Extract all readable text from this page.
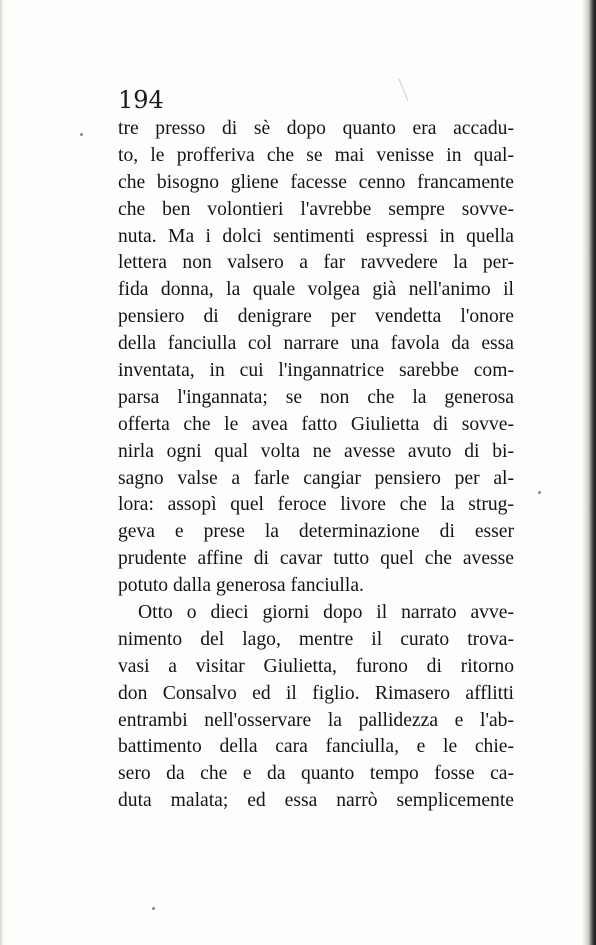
194

tre presso di sè dopo quanto era accadu-
to, le profferiva che se mai venisse in qual-
che bisogno gliene facesse cenno francamente
che ben volontieri l'avrebbe sempre sovve-
nuta. Ma i dolci sentimenti espressi in quella
lettera non valsero a far ravvedere la per-
fida donna, la quale volgea già nell'animo il
pensiero di denigrare per vendetta l'onore
della fanciulla col narrare una favola da essa
inventata, in cui l'ingannatrice sarebbe com-
parsa l'ingannata; se non che la generosa
offerta che le avea fatto Giulietta di sovve-
nirla ogni qual volta ne avesse avuto di bi-
sagno valse a farle cangiar pensiero per al-
lora: assopì quel feroce livore che la strug-
geva e prese la determinazione di esser
prudente affine di cavar tutto quel che avesse
potuto dalla generosa fanciulla.

Otto o dieci giorni dopo il narrato avve-
nimento del lago, mentre il curato trova-
vasi a visitar Giulietta, furono di ritorno
don Consalvo ed il figlio. Rimasero afflitti
entrambi nell'osservare la pallidezza e l'ab-
battimento della cara fanciulla, e le chie-
sero da che e da quanto tempo fosse ca-
duta malata; ed essa narrò semplicemente
